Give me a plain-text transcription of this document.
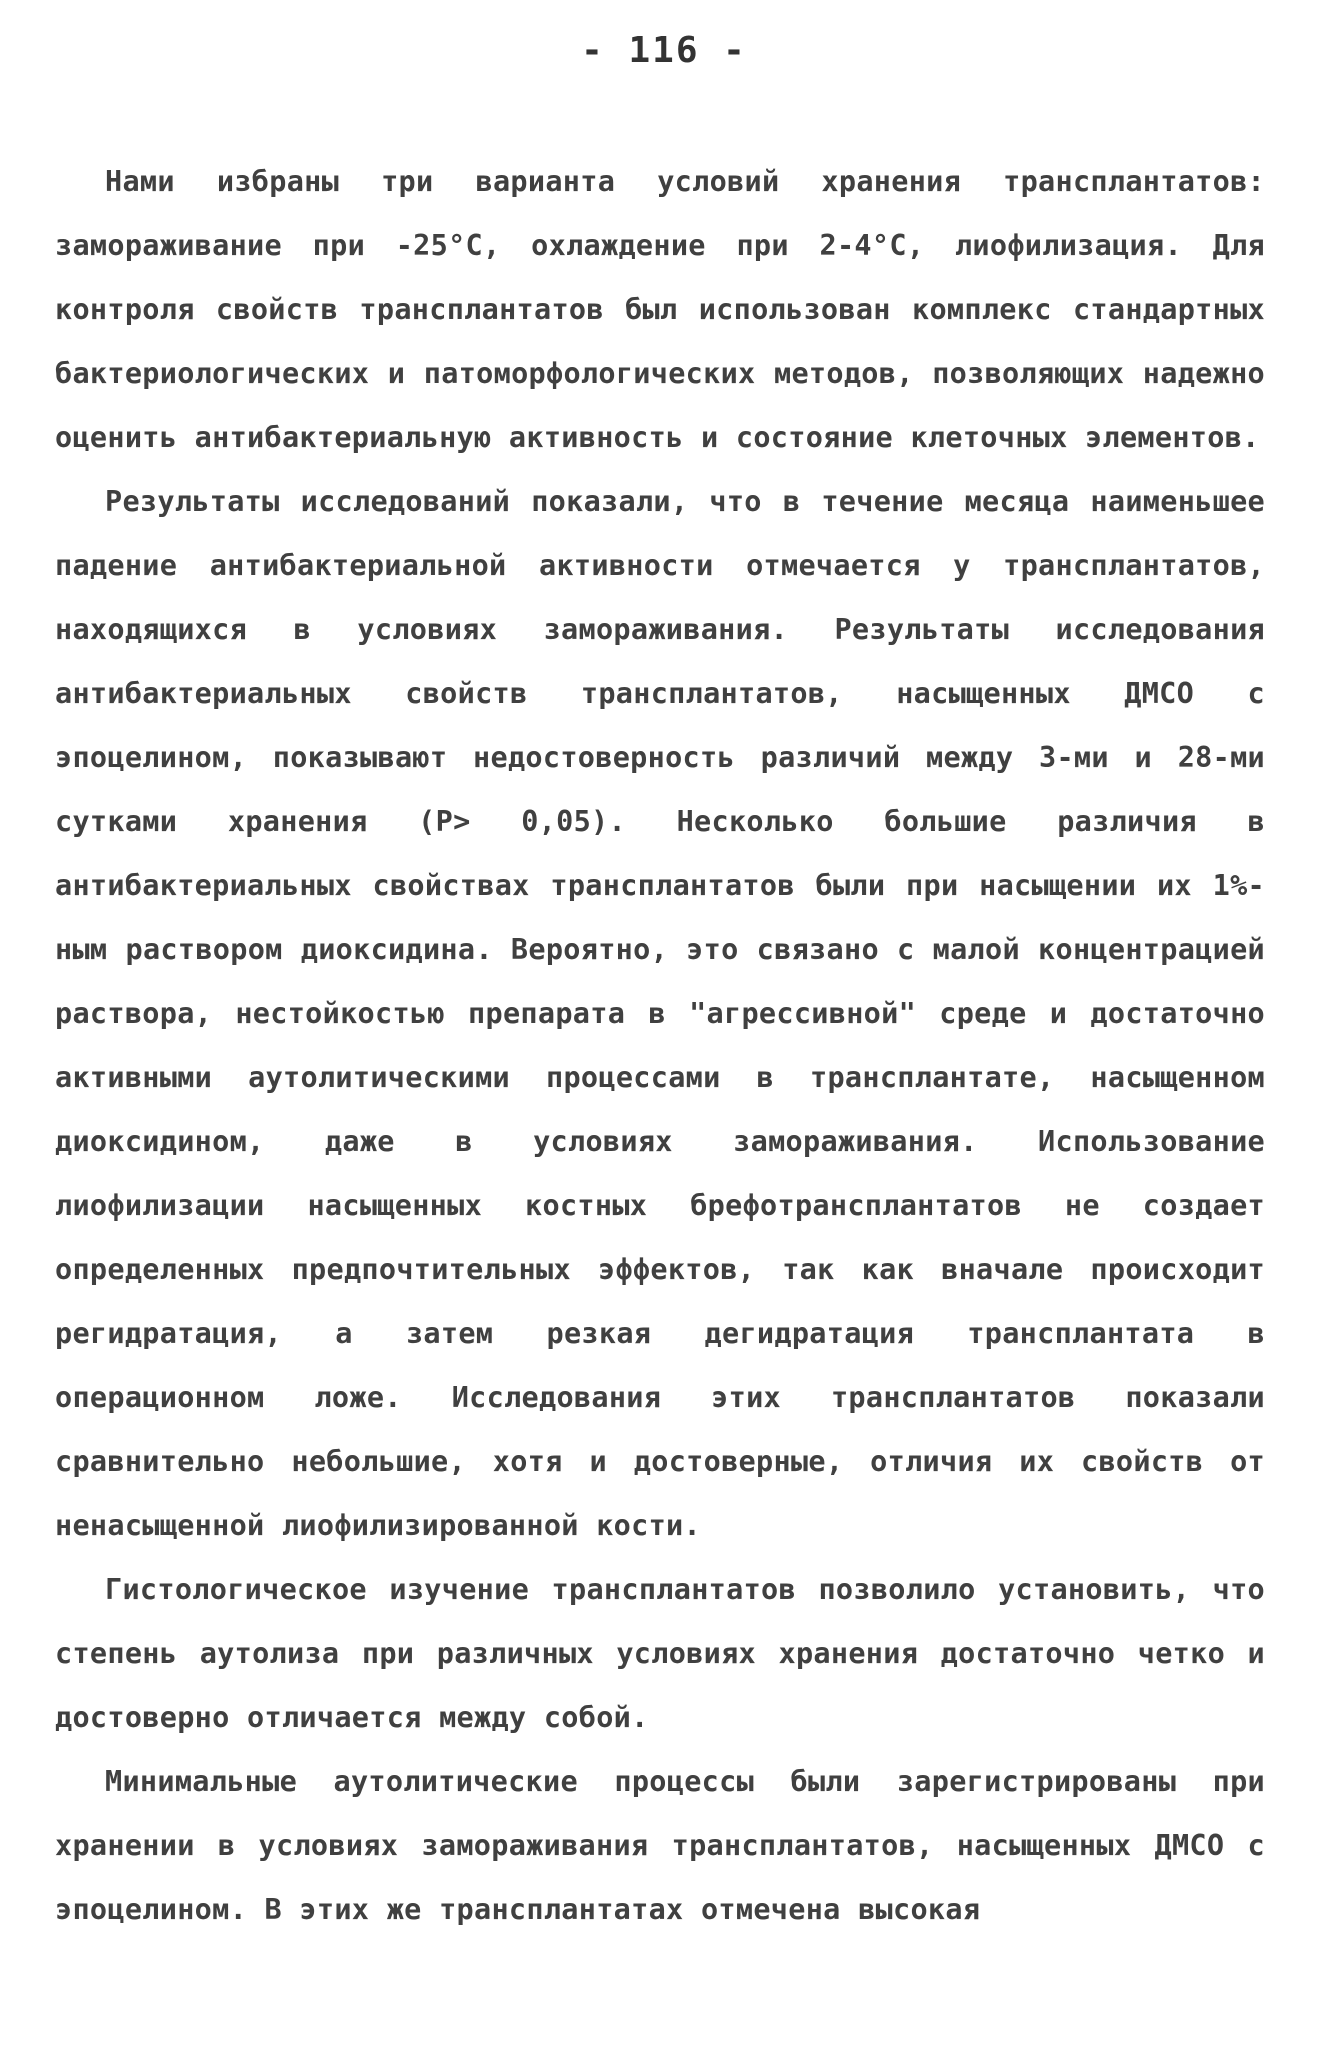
- 116 -

Нами избраны три варианта условий хранения трансплантатов: замораживание при -25°С, охлаждение при 2-4°С, лиофилизация. Для контроля свойств трансплантатов был использован комплекс стандартных бактериологических и патоморфологических методов, позволяющих надежно оценить антибактериальную активность и состояние клеточных элементов.

Результаты исследований показали, что в течение месяца наименьшее падение антибактериальной активности отмечается у трансплантатов, находящихся в условиях замораживания. Результаты исследования антибактериальных свойств трансплантатов, насыщенных ДМСО с эпоцелином, показывают недостоверность различий между 3-ми и 28-ми сутками хранения (Р> 0,05). Несколько большие различия в антибактериальных свойствах трансплантатов были при насыщении их 1%-ным раствором диоксидина. Вероятно, это связано с малой концентрацией раствора, нестойкостью препарата в "агрессивной" среде и достаточно активными аутолитическими процессами в трансплантате, насыщенном диоксидином, даже в условиях замораживания. Использование лиофилизации насыщенных костных брефотрансплантатов не создает определенных предпочтительных эффектов, так как вначале происходит регидратация, а затем резкая дегидратация трансплантата в операционном ложе. Исследования этих трансплантатов показали сравнительно небольшие, хотя и достоверные, отличия их свойств от ненасыщенной лиофилизированной кости.

Гистологическое изучение трансплантатов позволило установить, что степень аутолиза при различных условиях хранения достаточно четко и достоверно отличается между собой.

Минимальные аутолитические процессы были зарегистрированы при хранении в условиях замораживания трансплантатов, насыщенных ДМСО с эпоцелином. В этих же трансплантатах отмечена высокая
